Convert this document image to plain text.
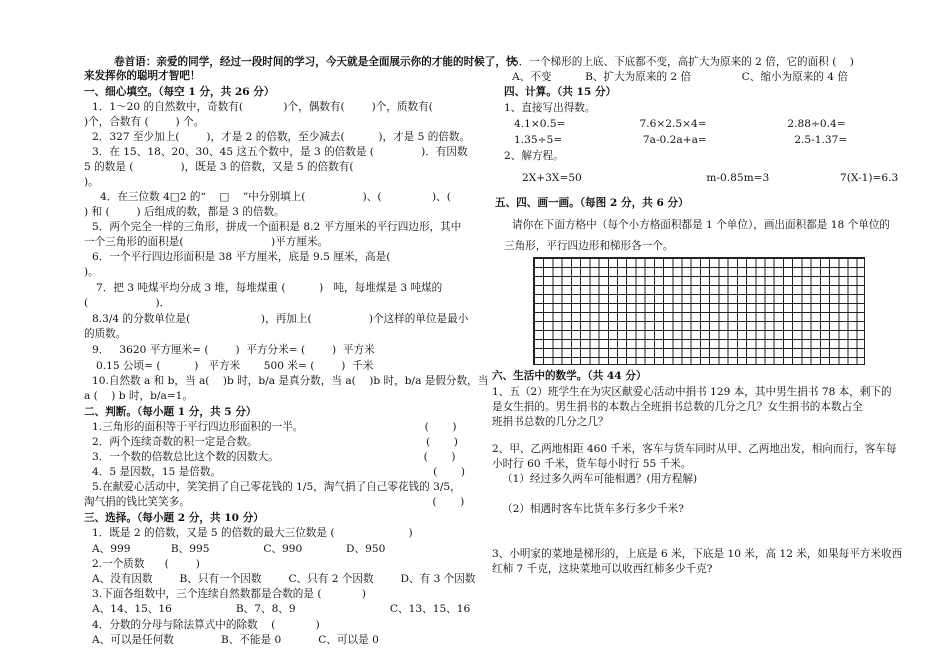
卷首语：亲爱的同学，经过一段时间的学习，今天就是全面展示你的才能的时候了，快
来发挥你的聪明才智吧！
一、细心填空。（每空 1 分，共 26 分）
1．1～20 的自然数中，奇数有(            )个，偶数有(        )个，质数有(
)个，合数有 (        ) 个。
2．327 至少加上(        )，才是 2 的倍数，至少减去(          )，才是 5 的倍数。
3．在 15、18、20、30、45 这五个数中，是 3 的倍数是 (              )．有因数
5 的数是 (              )，既是 3 的倍数，又是 5 的倍数有(
)。
4．在三位数 4□2 的“    □    ”中分别填上(                 )、(               )、(
) 和 (        ) 后组成的数，都是 3 的倍数。
5．两个完全一样的三角形，拼成一个面积是 8.2 平方厘米的平行四边形，其中
一个三角形的面积是(                          )平方厘米。
6．一个平行四边形面积是 38 平方厘米，底是 9.5 厘米，高是(
)。
7．把 3 吨煤平均分成 3 堆，每堆煤重 (          )   吨，每堆煤是 3 吨煤的
(                    )．
8.3/4 的分数单位是(                     )，再加上(                 )个这样的单位是最小
的质数。
9．   3620 平方厘米= (        )  平方分米= (        )  平方米
0.15 公顷= (          )   平方米       500 米= (        )  千米
10.自然数 a 和 b，当 a(    )b 时，b/a 是真分数，当 a(    )b 时，b/a 是假分数，当
a (    ) b 时，b/a=1。
二、判断。（每小题 1 分，共 5 分）
1.三角形的面积等于平行四边形面积的一半。                                    (       )
2．两个连续奇数的积一定是合数。                                                  (       )
3．一个数的倍数总比这个数的因数大。                                           (       )
4．5 是因数，15 是倍数。                                                               (       )
5.在献爱心活动中，笑笑捐了自己零花钱的 1/5，淘气捐了自己零花钱的 3/5，
淘气捐的钱比笑笑多。                                                                        (       )
三、选择。（每小题 2 分，共 10 分）
1．既是 2 的倍数，又是 5 的倍数的最大三位数是 (                      )
A、999            B、995                C、990             D、950
2.一个质数      (        )
A、没有因数        B、只有一个因数        C、只有 2 个因数        D、有 3 个因数
3.下面各组数中，三个连续自然数都是合数的是 (            )
A、14、15、16                   B、7、8、9                            C、13、15、16
4．分数的分母与除法算式中的除数    (            )
A、可以是任何数              B、不能是 0           C、可以是 0
5．一个梯形的上底、下底都不变，高扩大为原来的 2 倍，它的面积 (    )
A、不变          B、扩大为原来的 2 倍               C、缩小为原来的 4 倍
四、计算。（共 15 分）
1、直接写出得数。
4.1×0.5=                      7.6×2.5×4=                        2.88÷0.4=
1.35÷5=                        7a-0.2a+a=                          2.5-1.37=
2、解方程。
2X+3X=50                                     m-0.85m=3                     7(X-1)=6.3
五、四、画一画。（每图 2 分，共 6 分）
请你在下面方格中（每个小方格面积都是 1 个单位），画出面积都是 18 个单位的
三角形，平行四边形和梯形各一个。
六、生活中的数学。（共 44 分）
1、五（2）班学生在为灾区献爱心活动中捐书 129 本，其中男生捐书 78 本，剩下的
是女生捐的。男生捐书的本数占全班捐书总数的几分之几？女生捐书的本数占全
班捐书总数的几分之几？
2、甲、乙两地相距 460 千米，客车与货车同时从甲、乙两地出发，相向而行，客车每
小时行 60 千米，货车每小时行 55 千米。
（1）经过多久两车可能相遇？(用方程解)
（2）相遇时客车比货车多行多少千米?
3、小明家的菜地是梯形的，上底是 6 米，下底是 10 米，高 12 米，如果每平方米收西
红柿 7 千克，这块菜地可以收西红柿多少千克?
